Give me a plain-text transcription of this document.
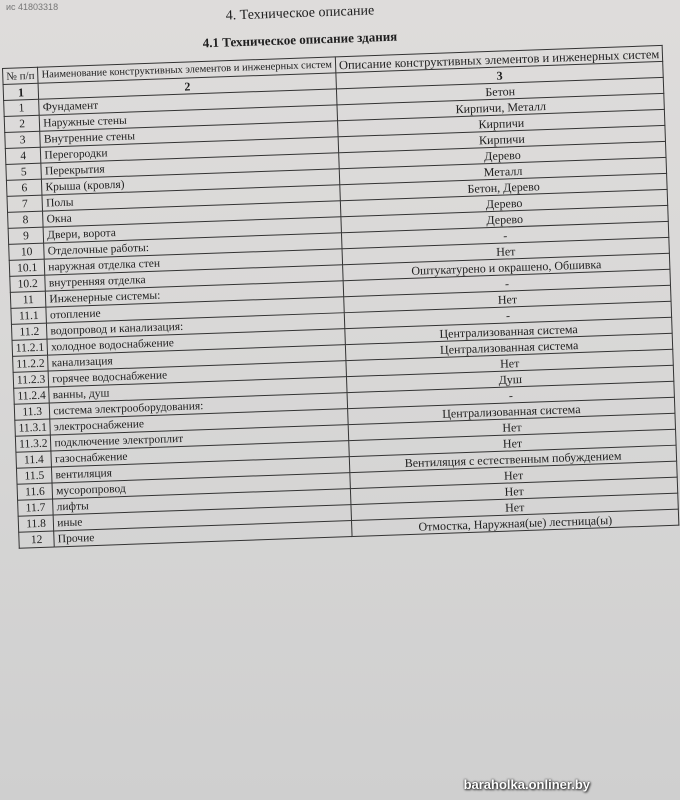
ис 41803318	4. Техническое описание
4.1 Техническое описание здания
№ п/п	Наименование конструктивных элементов и инженерных систем	Описание конструктивных элементов и инженерных систем
1	2	3
1	Фундамент	Бетон
2	Наружные стены	Кирпичи, Металл
3	Внутренние стены	Кирпичи
4	Перегородки	Кирпичи
5	Перекрытия	Дерево
6	Крыша (кровля)	Металл
7	Полы	Бетон, Дерево
8	Окна	Дерево
9	Двери, ворота	Дерево
10	Отделочные работы:	-
10.1	наружная отделка стен	Нет
10.2	внутренняя отделка	Оштукатурено и окрашено, Обшивка
11	Инженерные системы:	-
11.1	отопление	Нет
11.2	водопровод и канализация:	-
11.2.1	холодное водоснабжение	Централизованная система
11.2.2	канализация	Централизованная система
11.2.3	горячее водоснабжение	Нет
11.2.4	ванны, душ	Душ
11.3	система электрооборудования:	-
11.3.1	электроснабжение	Централизованная система
11.3.2	подключение электроплит	Нет
11.4	газоснабжение	Нет
11.5	вентиляция	Вентиляция с естественным побуждением
11.6	мусоропровод	Нет
11.7	лифты	Нет
11.8	иные	Нет
12	Прочие	Отмостка, Наружная(ые) лестница(ы)
baraholka.onliner.by
